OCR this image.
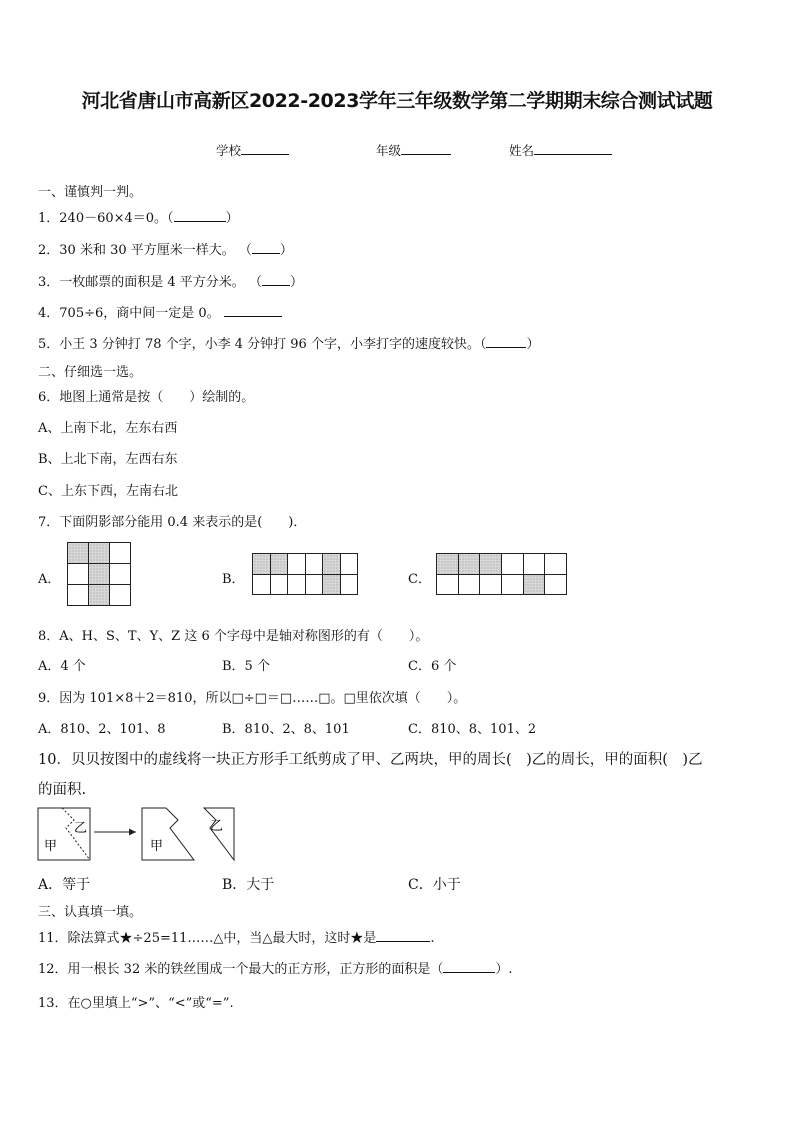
河北省唐山市高新区2022-2023学年三年级数学第二学期期末综合测试试题
学校	年级	姓名
一、谨慎判一判。
1．240－60×4＝0。（	）
2．30 米和 30 平方厘米一样大。 （ ）
3．一枚邮票的面积是 4 平方分米。 （ ）
4．705÷6，商中间一定是 0。
5．小王 3 分钟打 78 个字，小李 4 分钟打 96 个字，小李打字的速度较快。（	）
二、仔细选一选。
6．地图上通常是按（　　）绘制的。
A、上南下北，左东右西
B、上北下南，左西右东
C、上东下西，左南右北
7．下面阴影部分能用 0.4 来表示的是(　　)．
A．

			B．

						C．

8．A、H、S、T、Y、Z 这 6 个字母中是轴对称图形的有（　　）。
A．4 个	B．5 个	C．6 个
9．因为 101×8＋2＝810，所以□÷□＝□……□。□里依次填（　　）。
A．810、2、101、8	B．810、2、8、101	C．810、8、101、2
10．贝贝按图中的虚线将一块正方形手工纸剪成了甲、乙两块，甲的周长(　)乙的周长，甲的面积(　)乙
的面积.
甲
乙
甲
乙
A．等于	B．大于	C．小于
三、认真填一填。
11．除法算式★÷25=11……△中，当△最大时，这时★是	.
12．用一根长 32 米的铁丝围成一个最大的正方形，正方形的面积是（	）.
13．在○里填上“>”、“<”或“=”.
